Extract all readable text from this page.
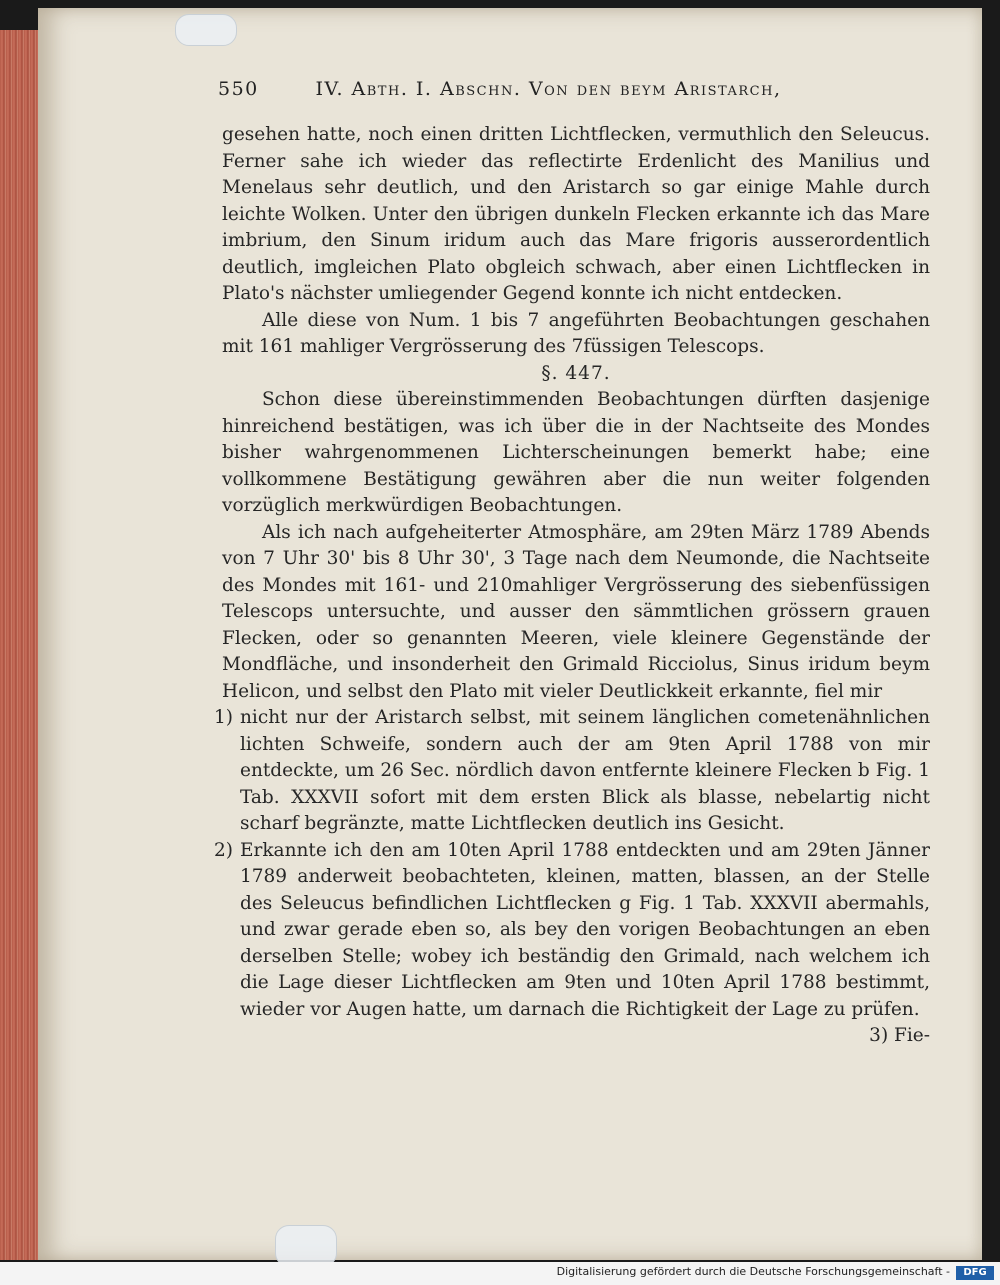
550	IV. Abth. I. Abschn. Von den beym Aristarch,

gesehen hatte, noch einen dritten Lichtflecken, vermuthlich den Seleucus. Ferner sahe ich wieder das reflectirte Erdenlicht des Manilius und Menelaus sehr deutlich, und den Aristarch so gar einige Mahle durch leichte Wolken. Unter den übrigen dunkeln Flecken erkannte ich das Mare imbrium, den Sinum iridum auch das Mare frigoris ausserordentlich deutlich, imgleichen Plato obgleich schwach, aber einen Lichtflecken in Plato's nächster umliegender Gegend konnte ich nicht entdecken.

Alle diese von Num. 1 bis 7 angeführten Beobachtungen geschahen mit 161 mahliger Vergrösserung des 7füssigen Telescops.

§. 447.

Schon diese übereinstimmenden Beobachtungen dürften dasjenige hinreichend bestätigen, was ich über die in der Nachtseite des Mondes bisher wahrgenommenen Lichterscheinungen bemerkt habe; eine vollkommene Bestätigung gewähren aber die nun weiter folgenden vorzüglich merkwürdigen Beobachtungen.

Als ich nach aufgeheiterter Atmosphäre, am 29ten März 1789 Abends von 7 Uhr 30' bis 8 Uhr 30', 3 Tage nach dem Neumonde, die Nachtseite des Mondes mit 161- und 210mahliger Vergrösserung des siebenfüssigen Telescops untersuchte, und ausser den sämmtlichen grössern grauen Flecken, oder so genannten Meeren, viele kleinere Gegenstände der Mondfläche, und insonderheit den Grimald Ricciolus, Sinus iridum beym Helicon, und selbst den Plato mit vieler Deutlickkeit erkannte, fiel mir

1) nicht nur der Aristarch selbst, mit seinem länglichen cometenähnlichen lichten Schweife, sondern auch der am 9ten April 1788 von mir entdeckte, um 26 Sec. nördlich davon entfernte kleinere Flecken b Fig. 1 Tab. XXXVII sofort mit dem ersten Blick als blasse, nebelartig nicht scharf begränzte, matte Lichtflecken deutlich ins Gesicht.
2) Erkannte ich den am 10ten April 1788 entdeckten und am 29ten Jänner 1789 anderweit beobachteten, kleinen, matten, blassen, an der Stelle des Seleucus befindlichen Lichtflecken g Fig. 1 Tab. XXXVII abermahls, und zwar gerade eben so, als bey den vorigen Beobachtungen an eben derselben Stelle; wobey ich beständig den Grimald, nach welchem ich die Lage dieser Lichtflecken am 9ten und 10ten April 1788 bestimmt, wieder vor Augen hatte, um darnach die Richtigkeit der Lage zu prüfen.

3) Fie-

Digitalisierung gefördert durch die Deutsche Forschungsgemeinschaft -	DFG
